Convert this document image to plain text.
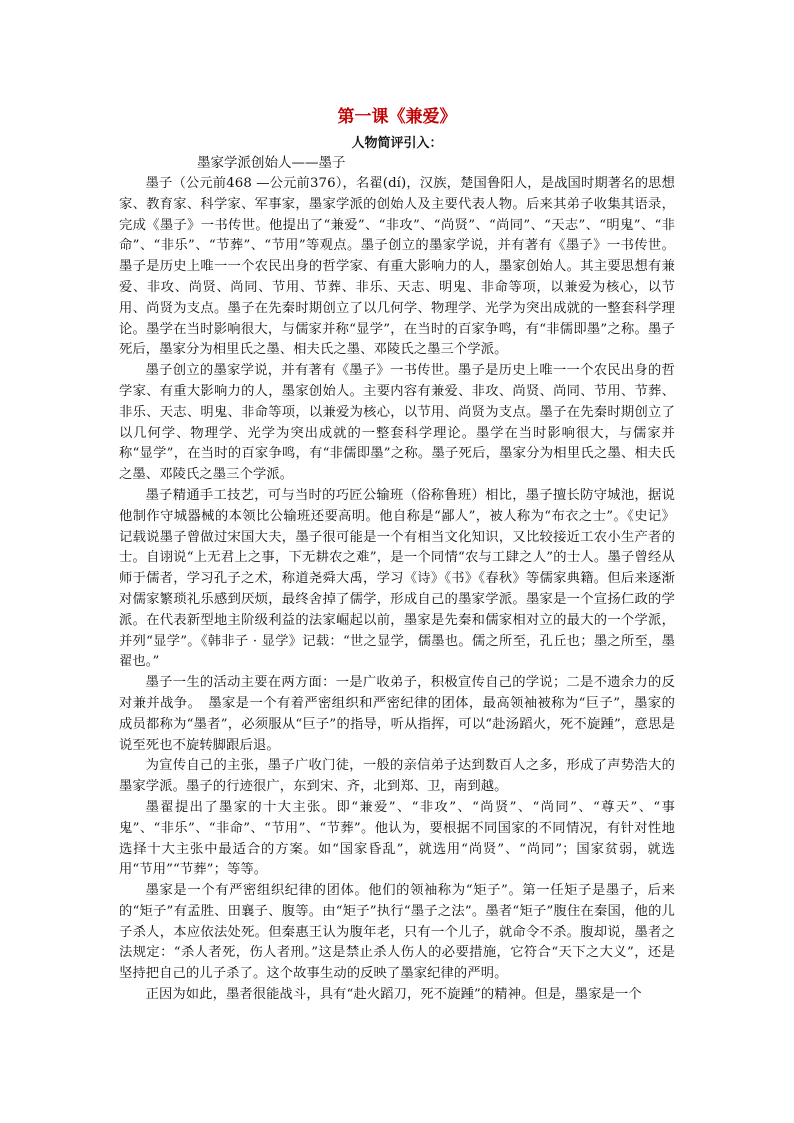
第一课《兼爱》
人物简评引入：

墨家学派创始人——墨子

墨子（公元前468 —公元前376），名翟(dí)，汉族，楚国鲁阳人，是战国时期著名的思想家、教育家、科学家、军事家，墨家学派的创始人及主要代表人物。后来其弟子收集其语录，完成《墨子》一书传世。他提出了“兼爱”、“非攻”、“尚贤”、“尚同”、“天志”、“明鬼”、“非命”、“非乐”、“节葬”、“节用”等观点。墨子创立的墨家学说，并有著有《墨子》一书传世。墨子是历史上唯一一个农民出身的哲学家、有重大影响力的人，墨家创始人。其主要思想有兼爱、非攻、尚贤、尚同、节用、节葬、非乐、天志、明鬼、非命等项，以兼爱为核心，以节用、尚贤为支点。墨子在先秦时期创立了以几何学、物理学、光学为突出成就的一整套科学理论。墨学在当时影响很大，与儒家并称“显学”，在当时的百家争鸣，有“非儒即墨”之称。墨子死后，墨家分为相里氏之墨、相夫氏之墨、邓陵氏之墨三个学派。

墨子创立的墨家学说，并有著有《墨子》一书传世。墨子是历史上唯一一个农民出身的哲学家、有重大影响力的人，墨家创始人。主要内容有兼爱、非攻、尚贤、尚同、节用、节葬、非乐、天志、明鬼、非命等项，以兼爱为核心，以节用、尚贤为支点。墨子在先秦时期创立了以几何学、物理学、光学为突出成就的一整套科学理论。墨学在当时影响很大，与儒家并称“显学”，在当时的百家争鸣，有“非儒即墨”之称。墨子死后，墨家分为相里氏之墨、相夫氏之墨、邓陵氏之墨三个学派。

墨子精通手工技艺，可与当时的巧匠公输班（俗称鲁班）相比，墨子擅长防守城池，据说他制作守城器械的本领比公输班还要高明。他自称是“鄙人”，被人称为“布衣之士”。《史记》记载说墨子曾做过宋国大夫，墨子很可能是一个有相当文化知识，又比较接近工农小生产者的士。自诩说“上无君上之事，下无耕农之难”，是一个同情“农与工肆之人”的士人。墨子曾经从师于儒者，学习孔子之术，称道尧舜大禹，学习《诗》《书》《春秋》等儒家典籍。但后来逐渐对儒家繁琐礼乐感到厌烦，最终舍掉了儒学，形成自己的墨家学派。墨家是一个宣扬仁政的学派。在代表新型地主阶级利益的法家崛起以前，墨家是先秦和儒家相对立的最大的一个学派，并列“显学”。《韩非子 · 显学》记载：“世之显学，儒墨也。儒之所至，孔丘也；墨之所至，墨翟也。”

墨子一生的活动主要在两方面：一是广收弟子，积极宣传自己的学说；二是不遗余力的反对兼并战争。　墨家是一个有着严密组织和严密纪律的团体，最高领袖被称为“巨子”，墨家的成员都称为“墨者”，必须服从“巨子”的指导，听从指挥，可以“赴汤蹈火，死不旋踵”，意思是说至死也不旋转脚跟后退。

为宣传自己的主张，墨子广收门徒，一般的亲信弟子达到数百人之多，形成了声势浩大的墨家学派。墨子的行迹很广，东到宋、齐，北到郑、卫，南到越。

墨翟提出了墨家的十大主张。即“兼爱”、“非攻”、“尚贤”、“尚同”、“尊天”、“事鬼”、“非乐”、“非命”、“节用”、“节葬”。他认为，要根据不同国家的不同情况，有针对性地选择十大主张中最适合的方案。如“国家昏乱”，就选用“尚贤”、“尚同”；国家贫弱，就选用“节用”“节葬”；等等。

墨家是一个有严密组织纪律的团体。他们的领袖称为“矩子”。第一任矩子是墨子，后来的“矩子”有孟胜、田襄子、腹等。由“矩子”执行“墨子之法”。墨者“矩子”腹住在秦国，他的儿子杀人，本应依法处死。但秦惠王认为腹年老，只有一个儿子，就命令不杀。腹却说，墨者之法规定：“杀人者死，伤人者刑。”这是禁止杀人伤人的必要措施，它符合“天下之大义”，还是坚持把自己的儿子杀了。这个故事生动的反映了墨家纪律的严明。

正因为如此，墨者很能战斗，具有“赴火蹈刀，死不旋踵”的精神。但是，墨家是一个
